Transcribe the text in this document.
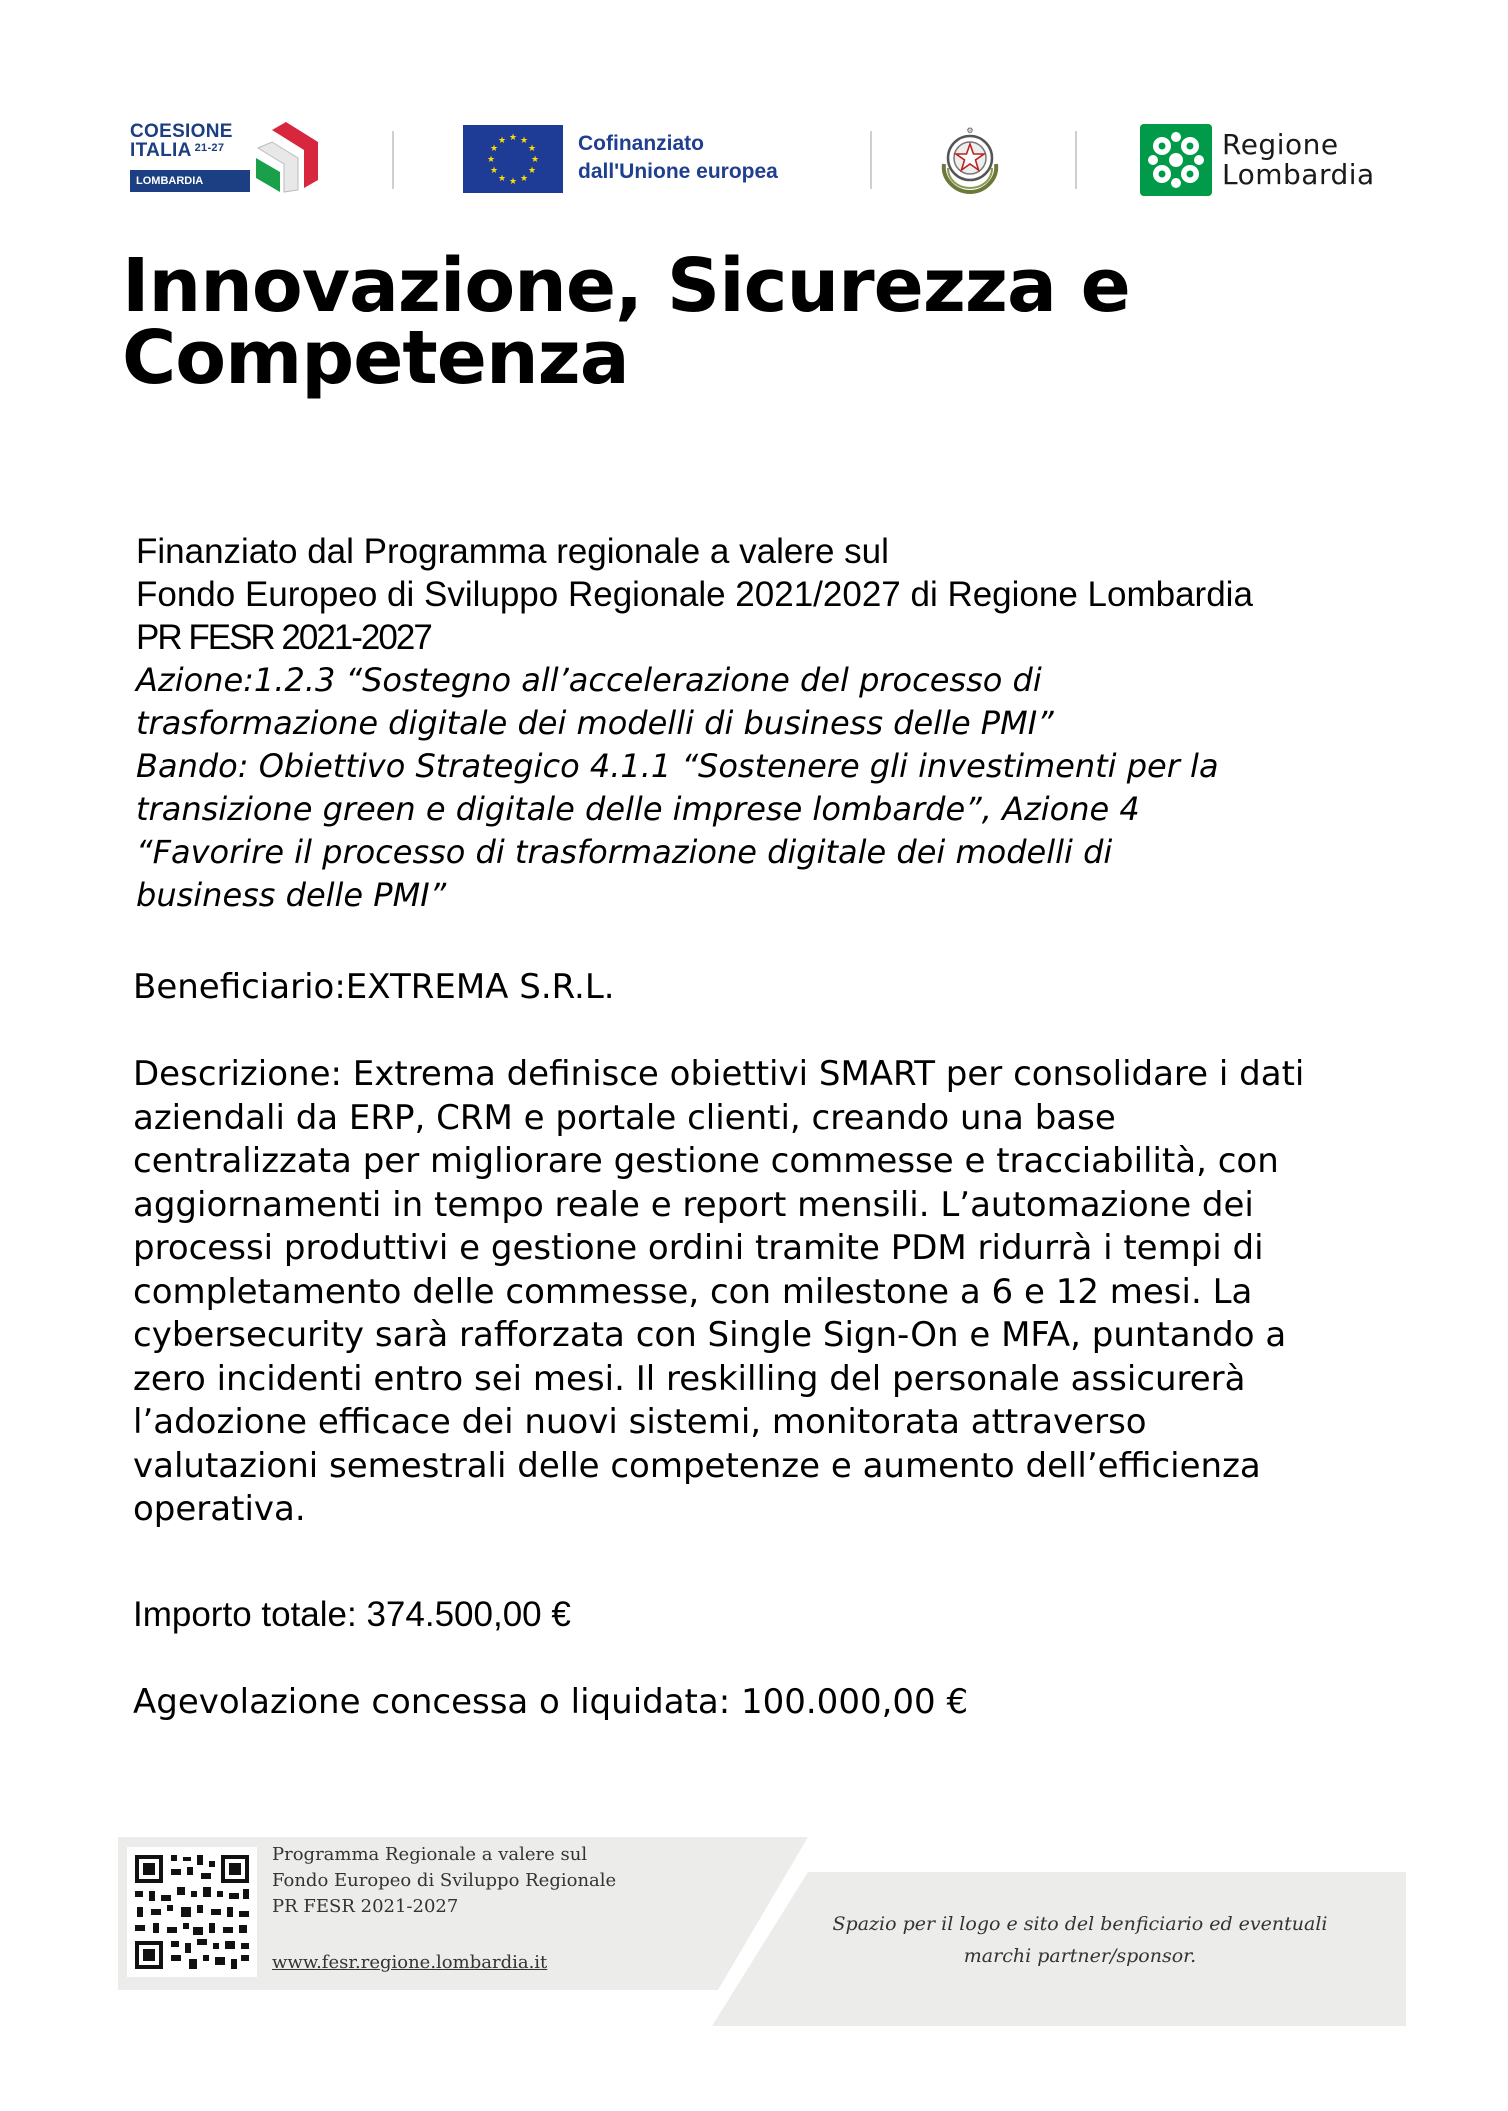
COESIONE
ITALIA $^{21-27}$
LOMBARDIA
★ ★
★
★
★
★
★
★
★
★
★
★	Cofinanziato
dall'Unione europea
⚙	Regione
Lombardia
Innovazione, Sicurezza e
Competenza
Finanziato dal Programma regionale a valere sul
Fondo Europeo di Sviluppo Regionale 2021/2027 di Regione Lombardia
PR FESR 2021-2027
Azione:1.2.3 “Sostegno all’accelerazione del processo di
trasformazione digitale dei modelli di business delle PMI”
Bando: Obiettivo Strategico 4.1.1 “Sostenere gli investimenti per la
transizione green e digitale delle imprese lombarde”, Azione 4
“Favorire il processo di trasformazione digitale dei modelli di
business delle PMI”
Beneficiario:EXTREMA S.R.L.
Descrizione: Extrema definisce obiettivi SMART per consolidare i dati
aziendali da ERP, CRM e portale clienti, creando una base
centralizzata per migliorare gestione commesse e tracciabilità, con
aggiornamenti in tempo reale e report mensili. L’automazione dei
processi produttivi e gestione ordini tramite PDM ridurrà i tempi di
completamento delle commesse, con milestone a 6 e 12 mesi. La
cybersecurity sarà rafforzata con Single Sign-On e MFA, puntando a
zero incidenti entro sei mesi. Il reskilling del personale assicurerà
l’adozione efficace dei nuovi sistemi, monitorata attraverso
valutazioni semestrali delle competenze e aumento dell’efficienza
operativa.
Importo totale: 374.500,00 €
Agevolazione concessa o liquidata: 100.000,00 €
Programma Regionale a valere sul
Fondo Europeo di Sviluppo Regionale
PR FESR 2021-2027
www.fesr.regione.lombardia.it
Spazio per il logo e sito del benficiario ed eventuali
marchi partner/sponsor.
